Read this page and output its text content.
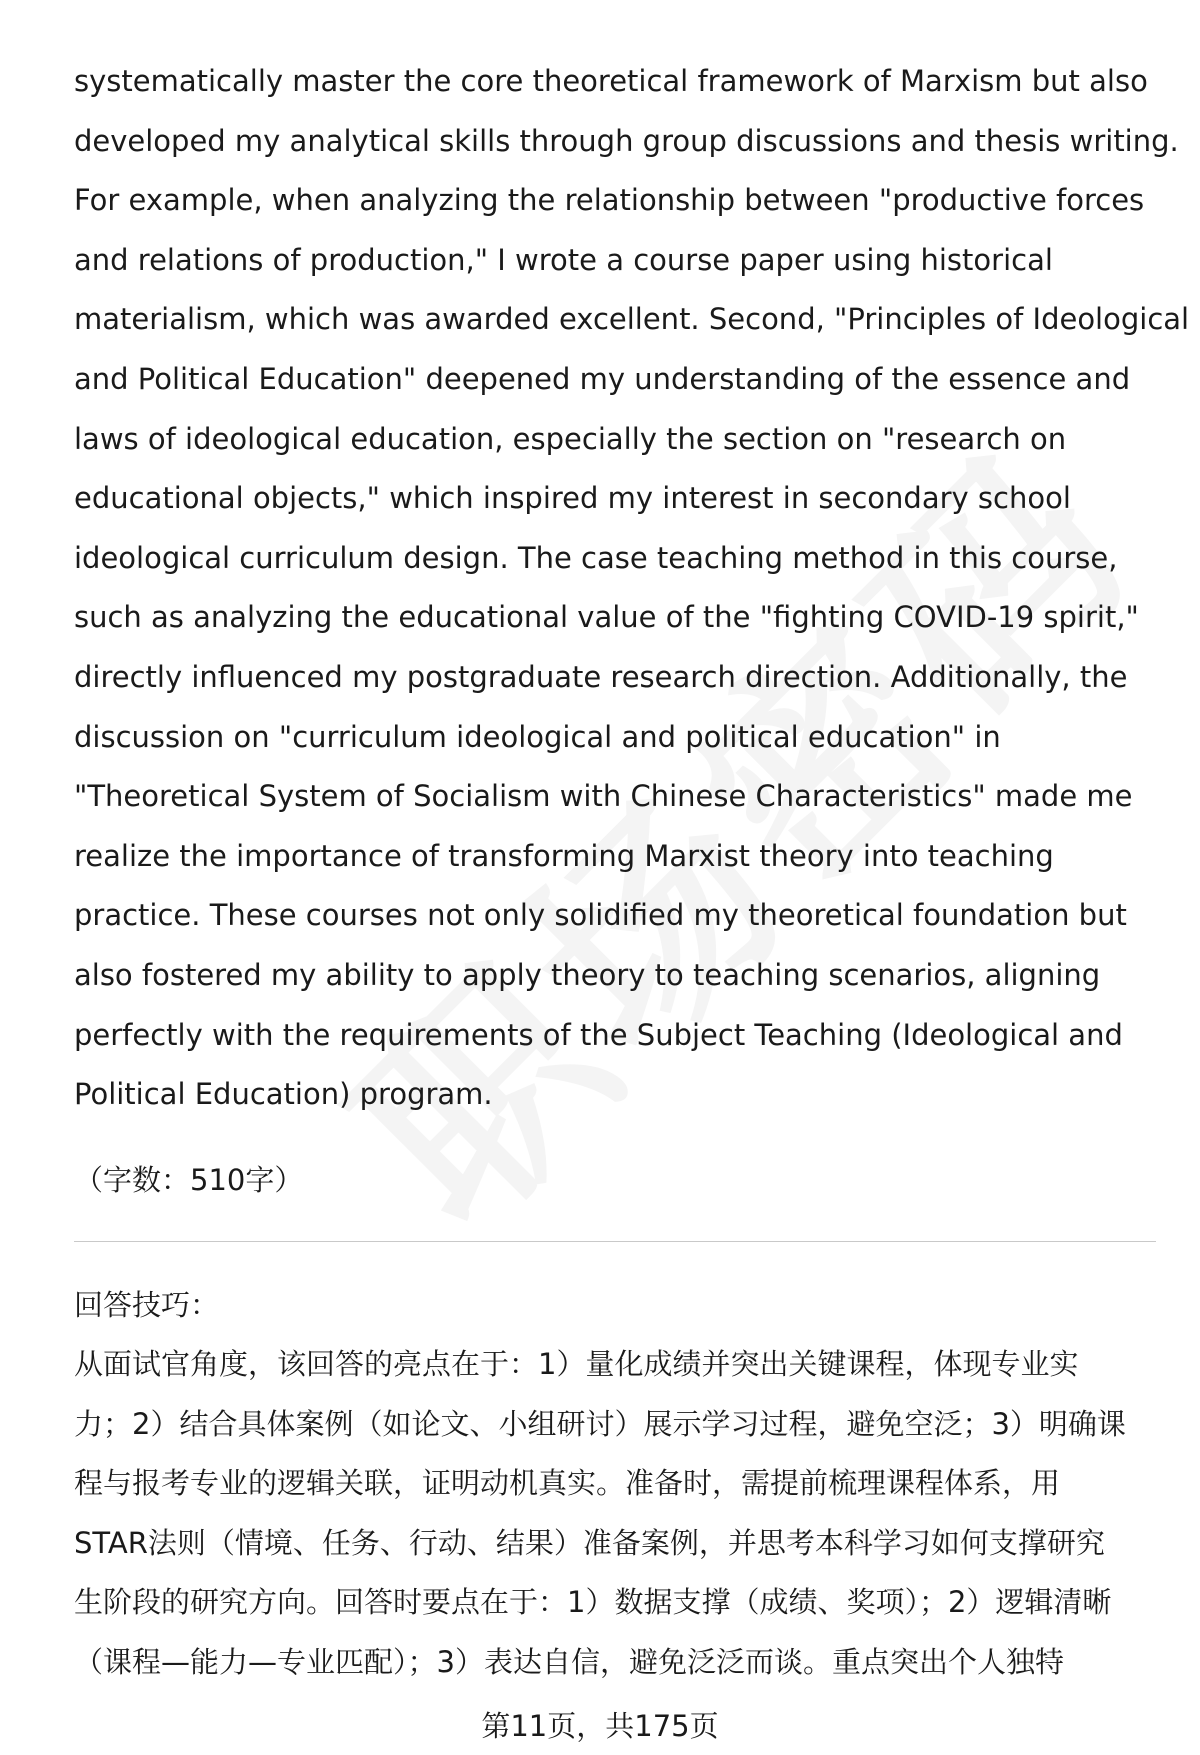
systematically master the core theoretical framework of Marxism but also
developed my analytical skills through group discussions and thesis writing.
For example, when analyzing the relationship between "productive forces
and relations of production," I wrote a course paper using historical
materialism, which was awarded excellent. Second, "Principles of Ideological
and Political Education" deepened my understanding of the essence and
laws of ideological education, especially the section on "research on
educational objects," which inspired my interest in secondary school
ideological curriculum design. The case teaching method in this course,
such as analyzing the educational value of the "fighting COVID-19 spirit,"
directly influenced my postgraduate research direction. Additionally, the
discussion on "curriculum ideological and political education" in
"Theoretical System of Socialism with Chinese Characteristics" made me
realize the importance of transforming Marxist theory into teaching
practice. These courses not only solidified my theoretical foundation but
also fostered my ability to apply theory to teaching scenarios, aligning
perfectly with the requirements of the Subject Teaching (Ideological and
Political Education) program.
（字数：510字）
回答技巧：
从面试官角度，该回答的亮点在于：1）量化成绩并突出关键课程，体现专业实
力；2）结合具体案例（如论文、小组研讨）展示学习过程，避免空泛；3）明确课
程与报考专业的逻辑关联，证明动机真实。准备时，需提前梳理课程体系，用
STAR法则（情境、任务、行动、结果）准备案例，并思考本科学习如何支撑研究
生阶段的研究方向。回答时要点在于：1）数据支撑（成绩、奖项）；2）逻辑清晰
（课程—能力—专业匹配）；3）表达自信，避免泛泛而谈。重点突出个人独特
第11页，共175页
